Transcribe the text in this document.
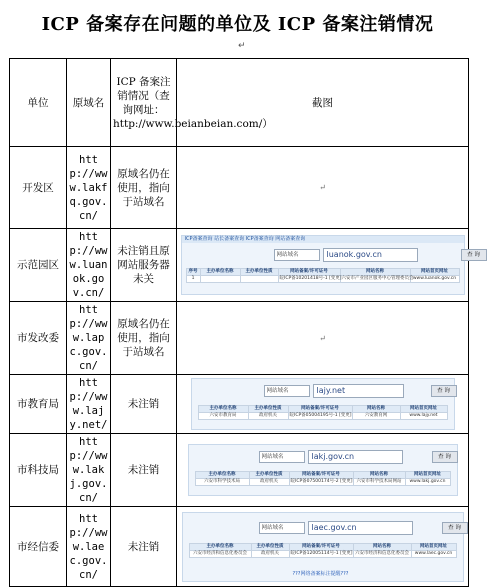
ICP 备案存在问题的单位及 ICP 备案注销情况
↵
单位	原域名	ICP 备案注销情况（查询网址：http://www.beianbeian.com/）	截图
开发区	http://www.lakfq.gov.cn/	原域名仍在使用，指向于站域名	↵
示范园区	http://www.luanok.gov.cn/	未注销且原网站服务器未关	
ICP备案查询 站长备案查询 ICP备案查询 网站备案查询
网站域名	luanok.gov.cn	查 询
序号	主办单位名称	主办单位性质	网站备案/许可证号	网站名称	网站首页网址
1			皖ICP备10201418号-1 [变更]	六安市产业园区服务中心管理委员会	www.luanok.gov.cn

市发改委	http://www.lapc.gov.cn/	原域名仍在使用，指向于站域名	↵
市教育局	http://www.lajy.net/	未注销	
网站域名	lajy.net	查 询
主办单位名称	主办单位性质	网站备案/许可证号	网站名称	网站首页网址
六安市教育局	政府机关	皖ICP备05004195号-1 [变更]	六安教育网	www.lajy.net

市科技局	http://www.lakj.gov.cn/	未注销	
网站域名	lakj.gov.cn	查 询
主办单位名称	主办单位性质	网站备案/许可证号	网站名称	网站首页网址
六安市科学技术局	政府机关	皖ICP备07500174号-2 [变更]	六安市科学技术局网站	www.lakj.gov.cn

市经信委	http://www.laec.gov.cn/	未注销	
网站域名	laec.gov.cn	查 询
主办单位名称	主办单位性质	网站备案/许可证号	网站名称	网站首页网址
六安市经济和信息化委员会	政府机关	皖ICP备12005114号-1 [变更]	六安市经济和信息化委员会	www.laec.gov.cn
???网络备案标注提醒???
